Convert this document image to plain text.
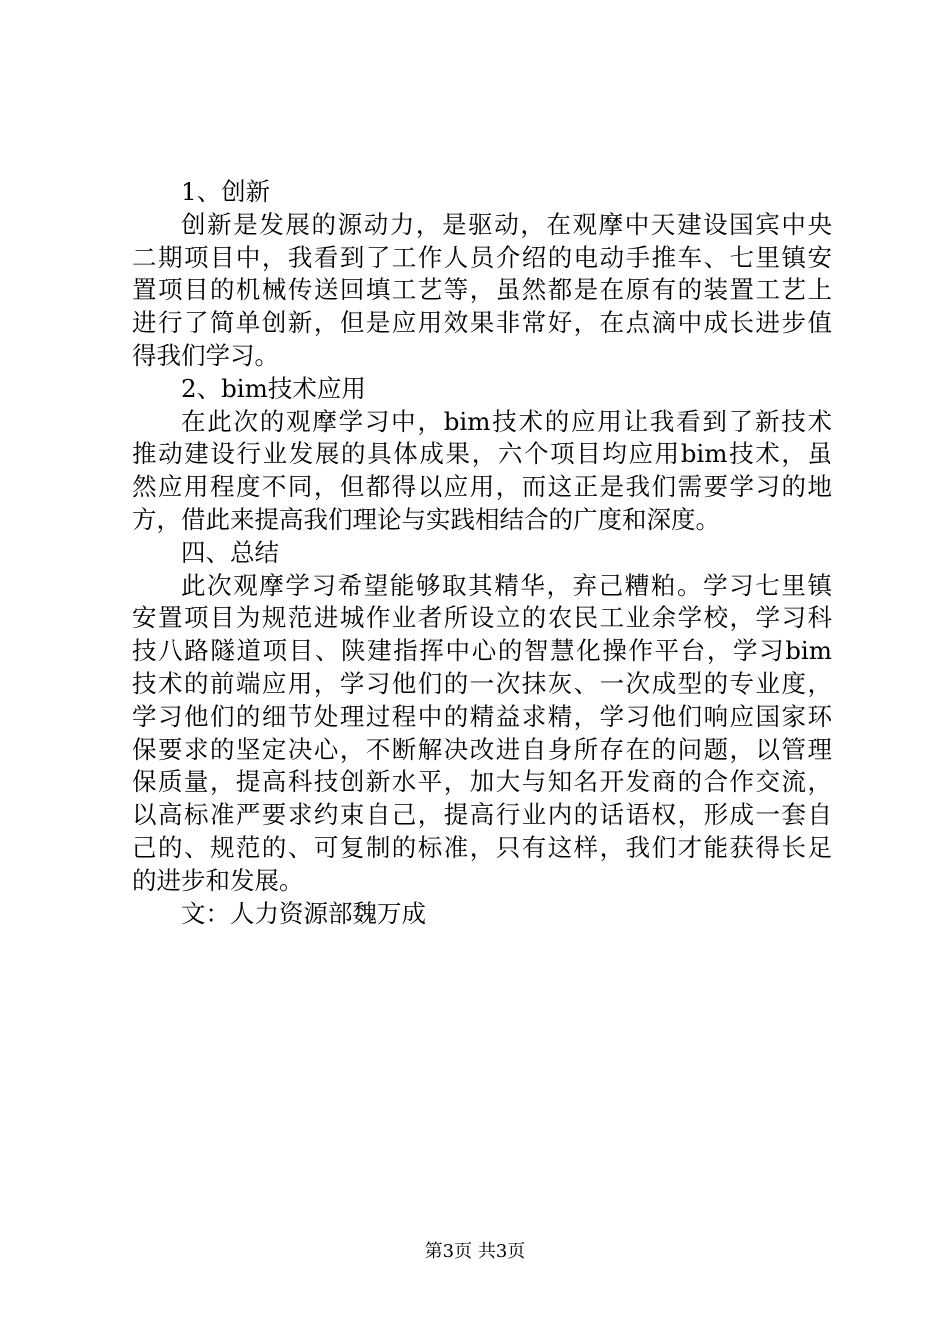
1、创新
创新是发展的源动力，是驱动，在观摩中天建设国宾中央
二期项目中，我看到了工作人员介绍的电动手推车、七里镇安
置项目的机械传送回填工艺等，虽然都是在原有的装置工艺上
进行了简单创新，但是应用效果非常好，在点滴中成长进步值
得我们学习。
2、bim技术应用
在此次的观摩学习中，bim技术的应用让我看到了新技术
推动建设行业发展的具体成果，六个项目均应用bim技术，虽
然应用程度不同，但都得以应用，而这正是我们需要学习的地
方，借此来提高我们理论与实践相结合的广度和深度。
四、总结
此次观摩学习希望能够取其精华，弃己糟粕。学习七里镇
安置项目为规范进城作业者所设立的农民工业余学校，学习科
技八路隧道项目、陕建指挥中心的智慧化操作平台，学习bim
技术的前端应用，学习他们的一次抹灰、一次成型的专业度，
学习他们的细节处理过程中的精益求精，学习他们响应国家环
保要求的坚定决心，不断解决改进自身所存在的问题，以管理
保质量，提高科技创新水平，加大与知名开发商的合作交流，
以高标准严要求约束自己，提高行业内的话语权，形成一套自
己的、规范的、可复制的标准，只有这样，我们才能获得长足
的进步和发展。
文：人力资源部魏万成
第3页 共3页
